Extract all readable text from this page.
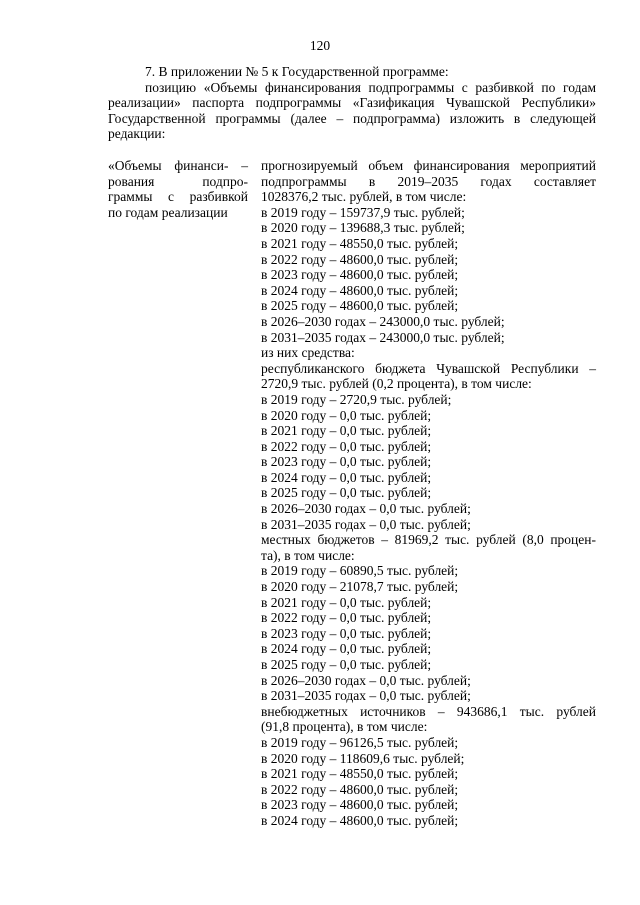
120

7. В приложении № 5 к Государственной программе:

позицию «Объемы финансирования подпрограммы с разбивкой по годам реализации» паспорта подпрограммы «Газификация Чувашской Республики» Государственной программы (далее – подпрограмма) изложить в следующей редакции:

«Объемы финанси- –
рования подпро-
граммы с разбивкой
по годам реализации
прогнозируемый объем финансирования мероприятий
подпрограммы в 2019–2035 годах составляет
1028376,2 тыс. рублей, в том числе:
в 2019 году – 159737,9 тыс. рублей;
в 2020 году – 139688,3 тыс. рублей;
в 2021 году – 48550,0 тыс. рублей;
в 2022 году – 48600,0 тыс. рублей;
в 2023 году – 48600,0 тыс. рублей;
в 2024 году – 48600,0 тыс. рублей;
в 2025 году – 48600,0 тыс. рублей;
в 2026–2030 годах – 243000,0 тыс. рублей;
в 2031–2035 годах – 243000,0 тыс. рублей;
из них средства:
республиканского бюджета Чувашской Республики –
2720,9 тыс. рублей (0,2 процента), в том числе:
в 2019 году – 2720,9 тыс. рублей;
в 2020 году – 0,0 тыс. рублей;
в 2021 году – 0,0 тыс. рублей;
в 2022 году – 0,0 тыс. рублей;
в 2023 году – 0,0 тыс. рублей;
в 2024 году – 0,0 тыс. рублей;
в 2025 году – 0,0 тыс. рублей;
в 2026–2030 годах – 0,0 тыс. рублей;
в 2031–2035 годах – 0,0 тыс. рублей;
местных бюджетов – 81969,2 тыс. рублей (8,0 процен-
та), в том числе:
в 2019 году – 60890,5 тыс. рублей;
в 2020 году – 21078,7 тыс. рублей;
в 2021 году – 0,0 тыс. рублей;
в 2022 году – 0,0 тыс. рублей;
в 2023 году – 0,0 тыс. рублей;
в 2024 году – 0,0 тыс. рублей;
в 2025 году – 0,0 тыс. рублей;
в 2026–2030 годах – 0,0 тыс. рублей;
в 2031–2035 годах – 0,0 тыс. рублей;
внебюджетных источников – 943686,1 тыс. рублей
(91,8 процента), в том числе:
в 2019 году – 96126,5 тыс. рублей;
в 2020 году – 118609,6 тыс. рублей;
в 2021 году – 48550,0 тыс. рублей;
в 2022 году – 48600,0 тыс. рублей;
в 2023 году – 48600,0 тыс. рублей;
в 2024 году – 48600,0 тыс. рублей;
